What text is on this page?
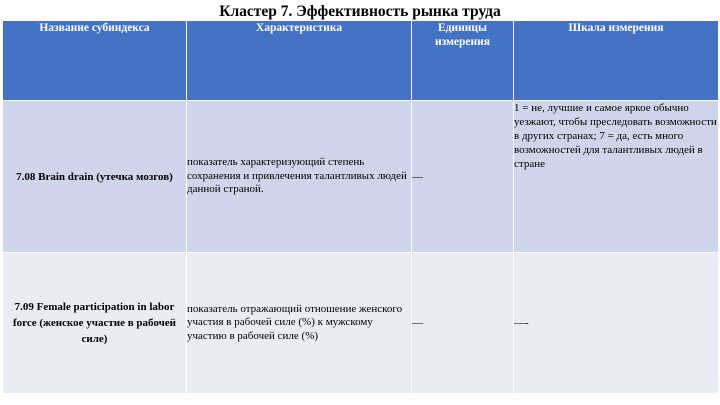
Кластер 7. Эффективность рынка труда
Название субиндекса	Характеристика	Единицы измерения	Шкала измерения
7.08 Brain drain (утечка мозгов)	показатель характеризующий степень сохранения и привлечения талантливых людей данной страной.	—	1 = не, лучшие и самое яркое обычно уезжают, чтобы преследовать возможности в других странах; 7 = да, есть много возможностей для талантливых людей в стране
7.09 Female participation in labor force (женское участие в рабочей силе)	показатель отражающий отношение женского участия в рабочей силе (%) к мужскому участию в рабочей силе (%)	—	—-
